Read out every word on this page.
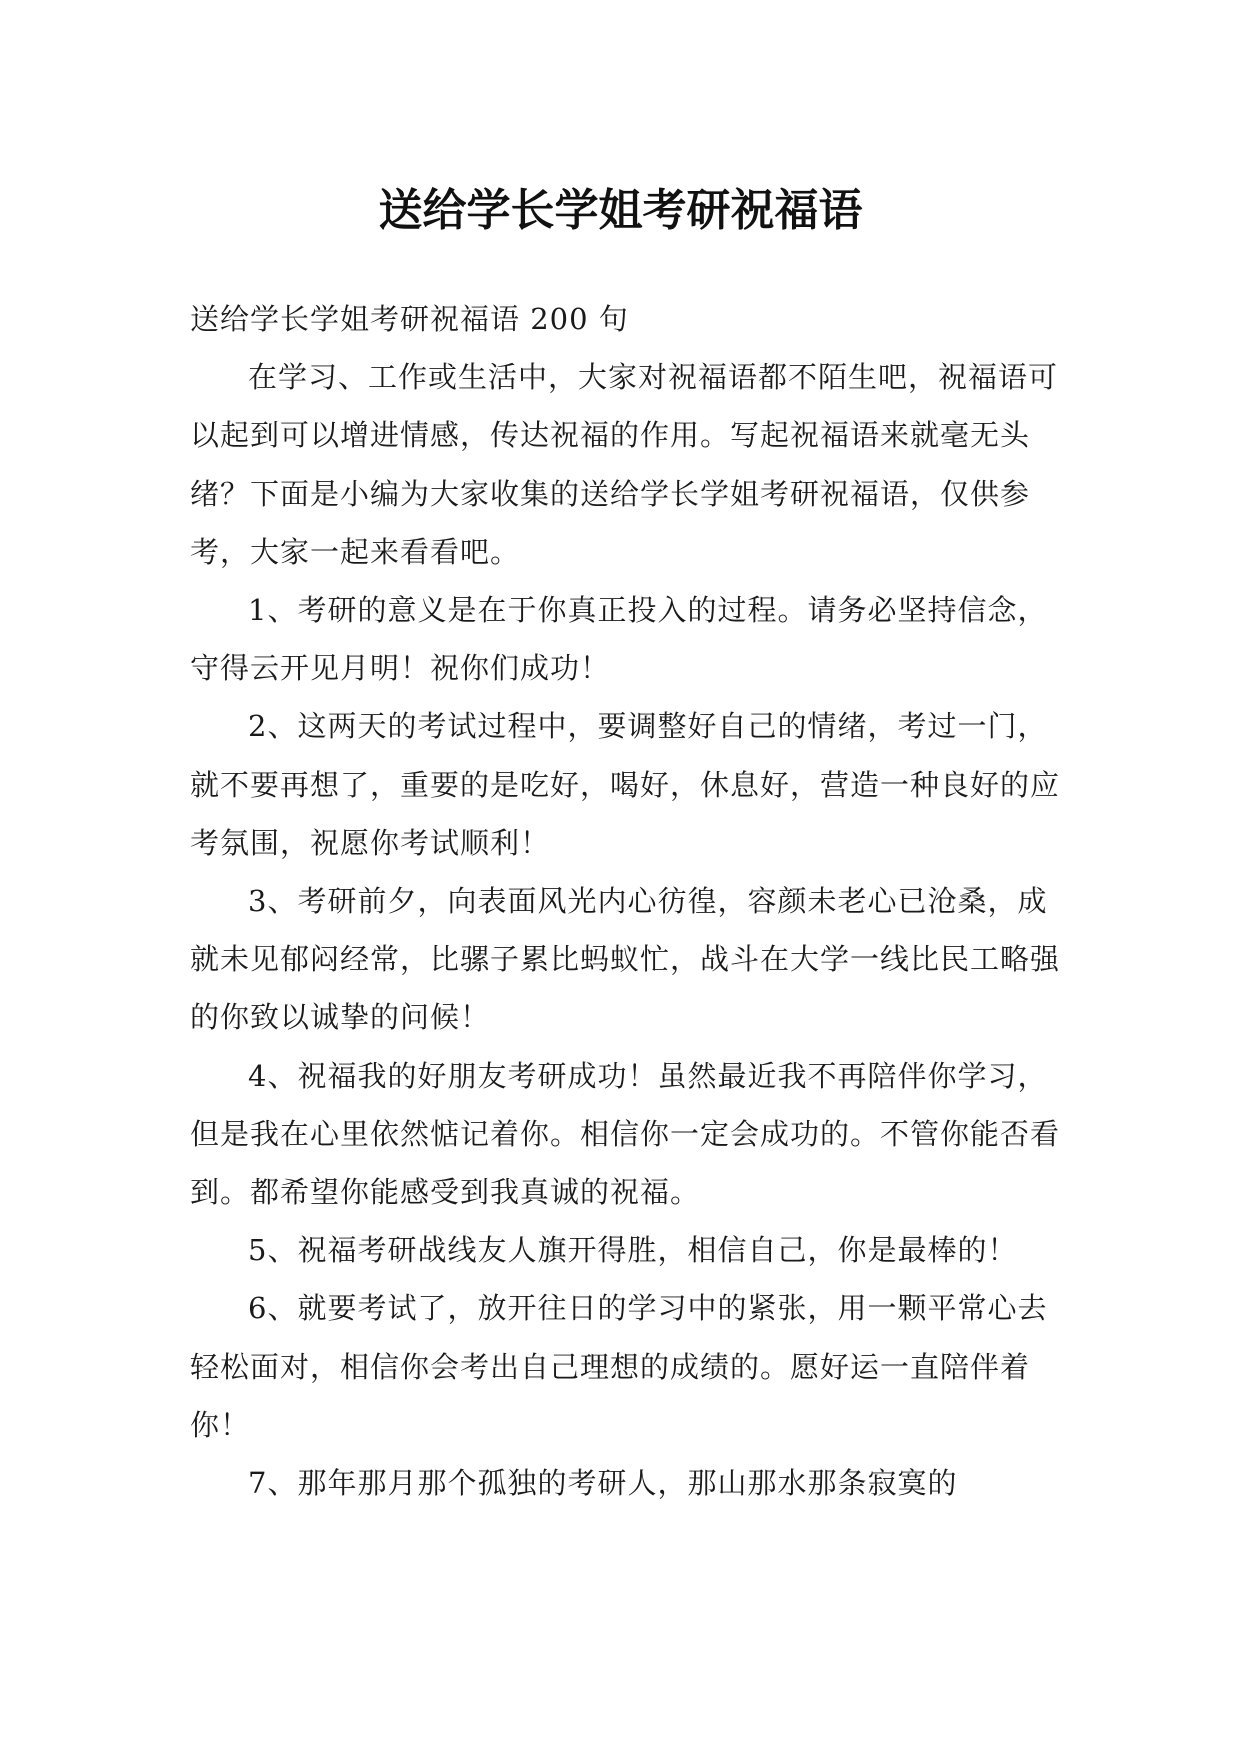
送给学长学姐考研祝福语

送给学长学姐考研祝福语 200 句

在学习、工作或生活中，大家对祝福语都不陌生吧，祝福语可以起到可以增进情感，传达祝福的作用。写起祝福语来就毫无头绪？下面是小编为大家收集的送给学长学姐考研祝福语，仅供参考，大家一起来看看吧。

1、考研的意义是在于你真正投入的过程。请务必坚持信念，守得云开见月明！祝你们成功！

2、这两天的考试过程中，要调整好自己的情绪，考过一门，就不要再想了，重要的是吃好，喝好，休息好，营造一种良好的应考氛围，祝愿你考试顺利！

3、考研前夕，向表面风光内心彷徨，容颜未老心已沧桑，成就未见郁闷经常，比骡子累比蚂蚁忙，战斗在大学一线比民工略强的你致以诚挚的问候！

4、祝福我的好朋友考研成功！虽然最近我不再陪伴你学习，但是我在心里依然惦记着你。相信你一定会成功的。不管你能否看到。都希望你能感受到我真诚的祝福。

5、祝福考研战线友人旗开得胜，相信自己，你是最棒的！

6、就要考试了，放开往日的学习中的紧张，用一颗平常心去轻松面对，相信你会考出自己理想的成绩的。愿好运一直陪伴着你！

7、那年那月那个孤独的考研人，那山那水那条寂寞的
